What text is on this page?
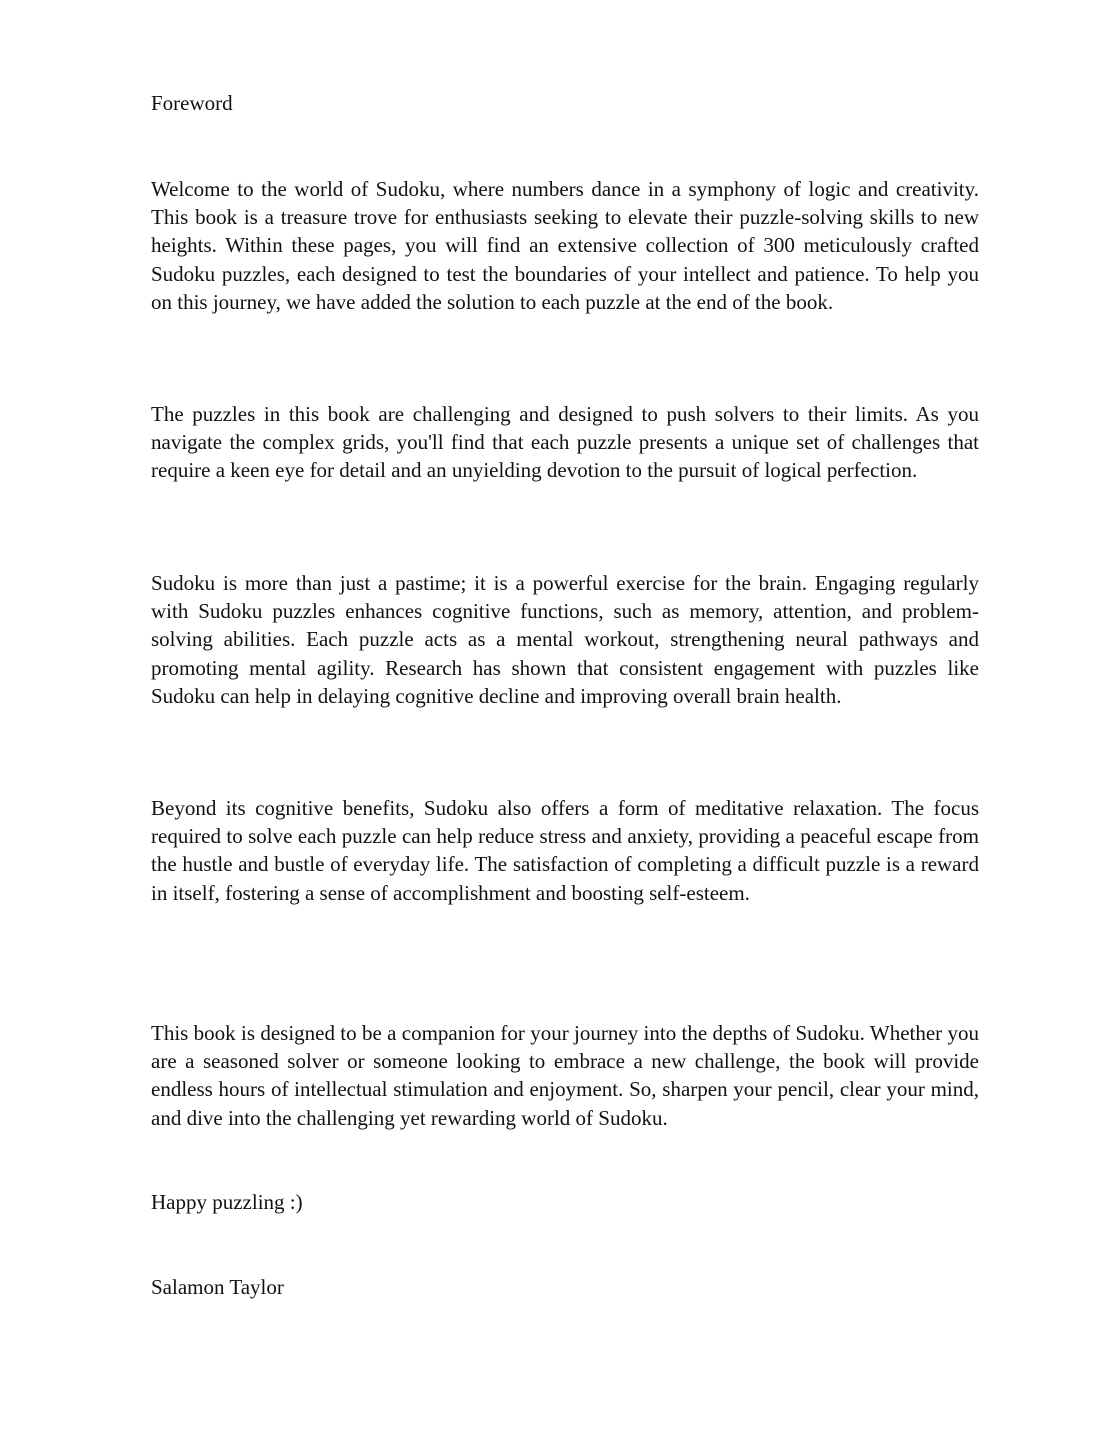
Foreword

Welcome to the world of Sudoku, where numbers dance in a symphony of logic and creativity. This book is a treasure trove for enthusiasts seeking to elevate their puzzle-solving skills to new heights. Within these pages, you will find an extensive collection of 300 meticulously crafted Sudoku puzzles, each designed to test the boundaries of your intellect and patience. To help you on this journey, we have added the solution to each puzzle at the end of the book.

The puzzles in this book are challenging and designed to push solvers to their limits. As you navigate the complex grids, you'll find that each puzzle presents a unique set of challenges that require a keen eye for detail and an unyielding devotion to the pursuit of logical perfection.

Sudoku is more than just a pastime; it is a powerful exercise for the brain. Engaging regularly with Sudoku puzzles enhances cognitive functions, such as memory, attention, and problem-solving abilities. Each puzzle acts as a mental workout, strengthening neural pathways and promoting mental agility. Research has shown that consistent engagement with puzzles like Sudoku can help in delaying cognitive decline and improving overall brain health.

Beyond its cognitive benefits, Sudoku also offers a form of meditative relaxation. The focus required to solve each puzzle can help reduce stress and anxiety, providing a peaceful escape from the hustle and bustle of everyday life. The satisfaction of completing a difficult puzzle is a reward in itself, fostering a sense of accomplishment and boosting self-esteem.

This book is designed to be a companion for your journey into the depths of Sudoku. Whether you are a seasoned solver or someone looking to embrace a new challenge, the book will provide endless hours of intellectual stimulation and enjoyment. So, sharpen your pencil, clear your mind, and dive into the challenging yet rewarding world of Sudoku.

Happy puzzling :)

Salamon Taylor
